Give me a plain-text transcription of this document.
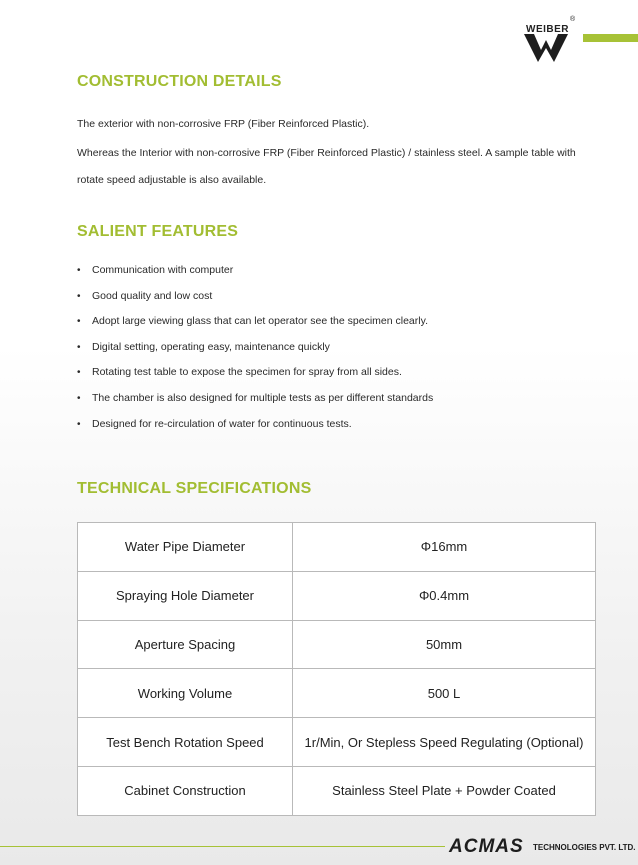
WEIBER
®
CONSTRUCTION DETAILS
The exterior with non-corrosive FRP (Fiber Reinforced Plastic).
Whereas the Interior with non-corrosive FRP (Fiber Reinforced Plastic) / stainless steel. A sample table with
rotate speed adjustable is also available.
SALIENT FEATURES
• Communication with computer
• Good quality and low cost
• Adopt large viewing glass that can let operator see the specimen clearly.
• Digital setting, operating easy, maintenance quickly
• Rotating test table to expose the specimen for spray from all sides.
• The chamber is also designed for multiple tests as per different standards
• Designed for re-circulation of water for continuous tests.
TECHNICAL SPECIFICATIONS
Water Pipe Diameter	Φ16mm
Spraying Hole Diameter	Φ0.4mm
Aperture Spacing	50mm
Working Volume	500 L
Test Bench Rotation Speed	1r/Min, Or Stepless Speed Regulating (Optional)
Cabinet Construction	Stainless Steel Plate + Powder Coated
ACMAS TECHNOLOGIES PVT. LTD.
